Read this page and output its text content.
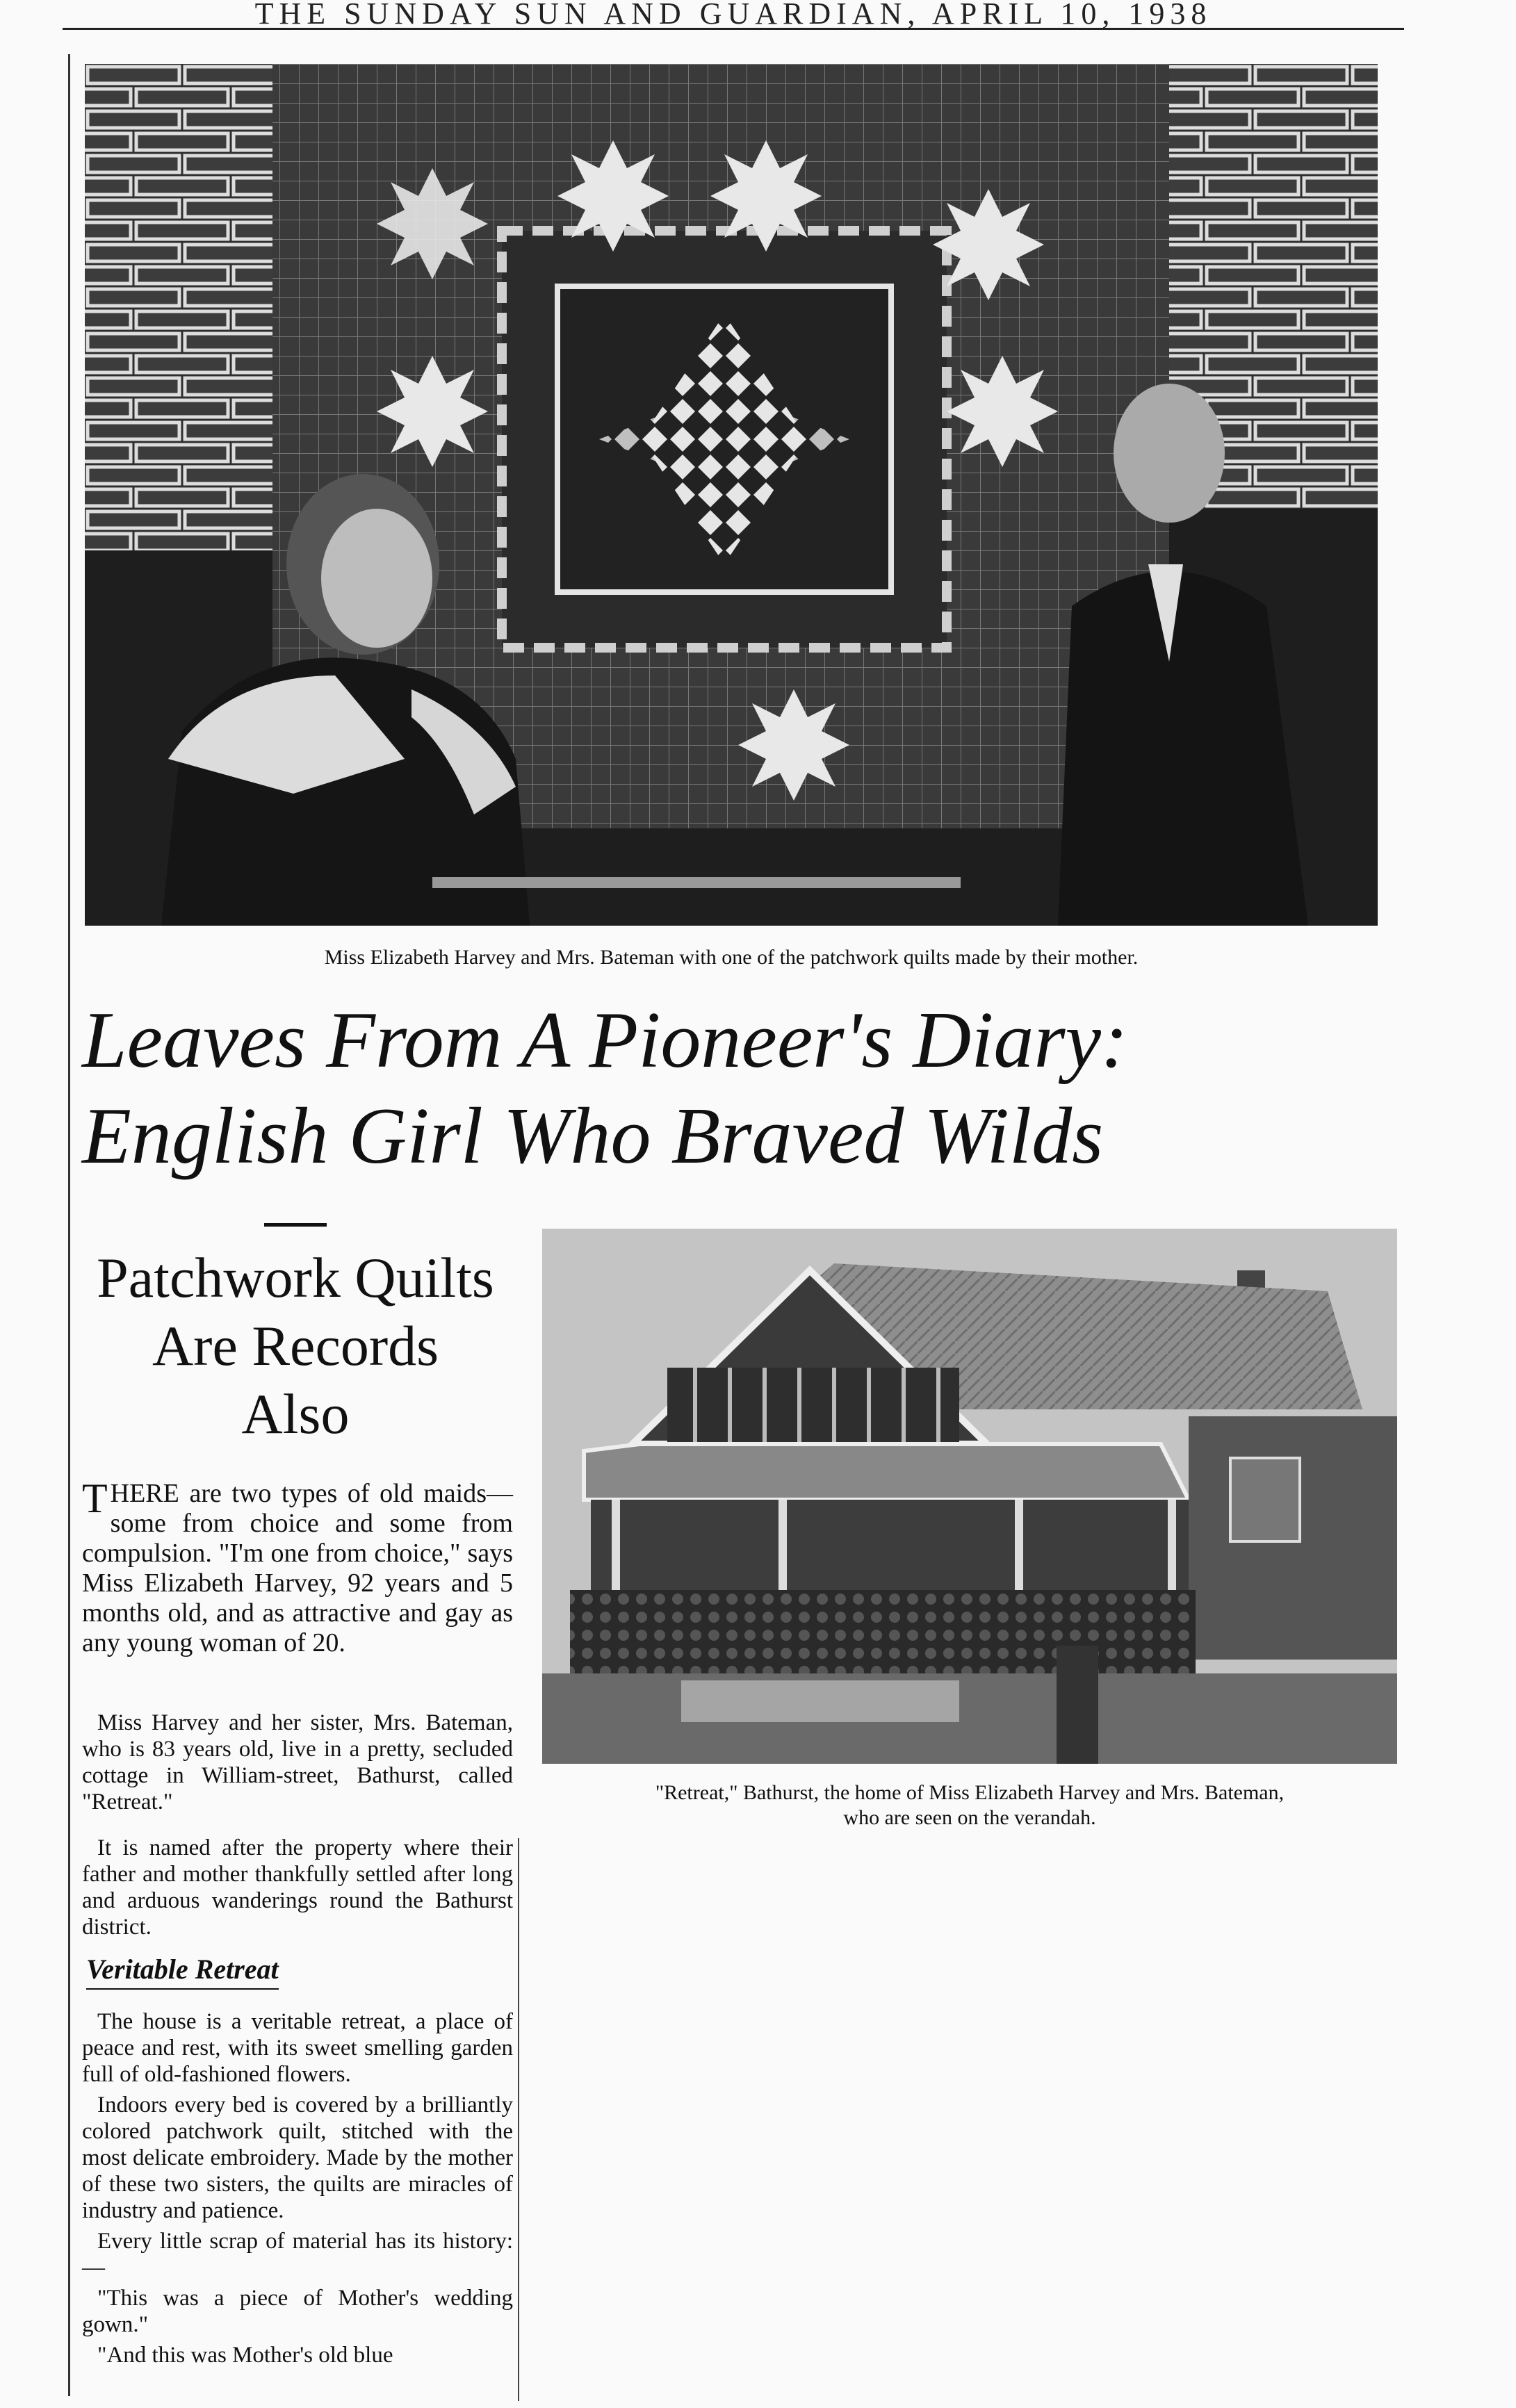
THE SUNDAY SUN AND GUARDIAN, APRIL 10, 1938
Miss Elizabeth Harvey and Mrs. Bateman with one of the patchwork quilts made by their mother.
Leaves From A Pioneer's Diary:
English Girl Who Braved Wilds
Patchwork Quilts
Are Records
Also
"Retreat," Bathurst, the home of Miss Elizabeth Harvey and Mrs. Bateman,
who are seen on the verandah.

THERE are two types of old maids—some from choice and some from compulsion. "I'm one from choice," says Miss Elizabeth Harvey, 92 years and 5 months old, and as attractive and gay as any young woman of 20.

Miss Harvey and her sister, Mrs. Bateman, who is 83 years old, live in a pretty, secluded cottage in William-street, Bathurst, called "Retreat."

It is named after the property where their father and mother thankfully settled after long and arduous wanderings round the Bathurst district.

Veritable Retreat

The house is a veritable retreat, a place of peace and rest, with its sweet smelling garden full of old-fashioned flowers.

Indoors every bed is covered by a brilliantly colored patchwork quilt, stitched with the most delicate embroidery. Made by the mother of these two sisters, the quilts are miracles of industry and patience.

Every little scrap of material has its history:—

"This was a piece of Mother's wedding gown."

"And this was Mother's old blue
